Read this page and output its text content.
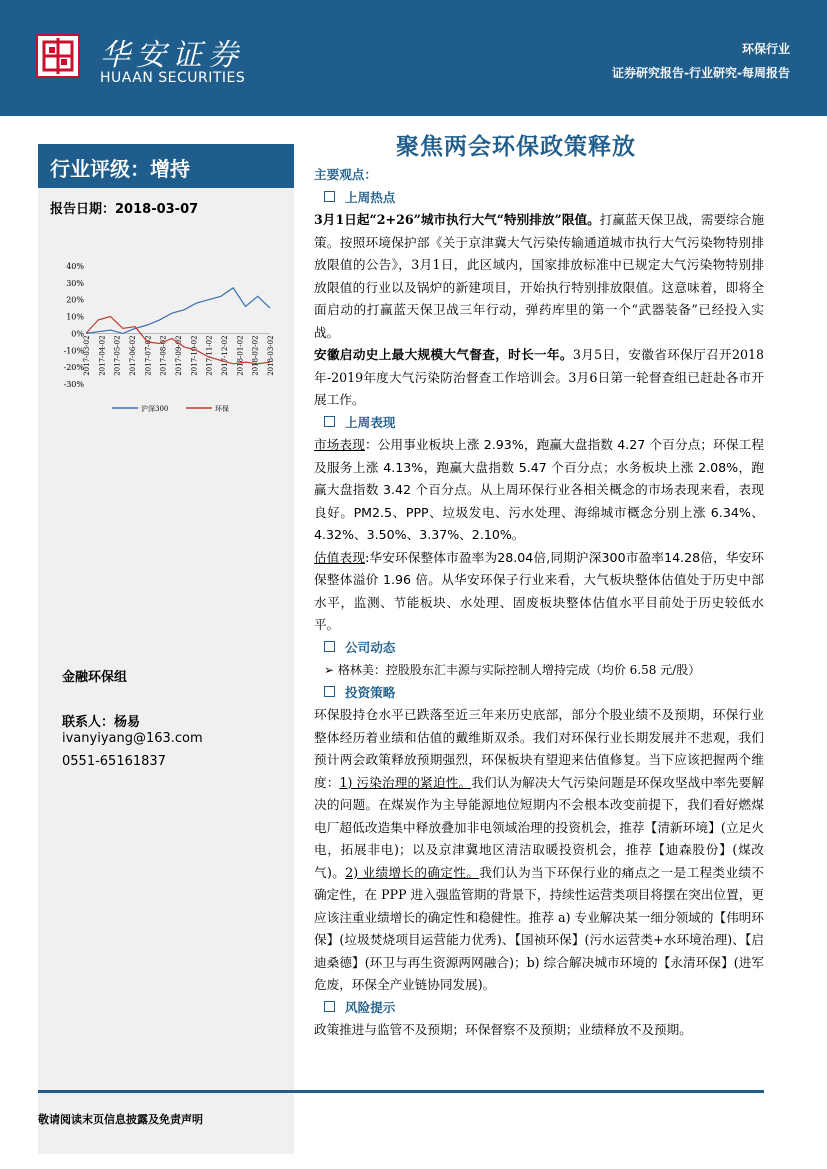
华安证券
HUAAN SECURITIES
环保行业
证券研究报告-行业研究-每周报告
行业评级：增持
报告日期：2018-03-07
40%
30%
20%
10%
0%
-10%
-20%
-30%
2017-03-02 2017-04-02 2017-05-02 2017-06-02 2017-07-02 2017-08-02 2017-09-02 2017-10-02 2017-11-02 2017-12-02 2018-01-02 2018-02-02 2018-03-02
沪深300	环保
金融环保组
联系人：杨易
ivanyiyang@163.com
0551-65161837
聚焦两会环保政策释放
主要观点：
上周热点

3月1日起“2+26”城市执行大气“特别排放”限值。打赢蓝天保卫战，需要综合施策。按照环境保护部《关于京津冀大气污染传输通道城市执行大气污染物特别排放限值的公告》，3月1日，此区域内，国家排放标准中已规定大气污染物特别排放限值的行业以及锅炉的新建项目，开始执行特别排放限值。这意味着，即将全面启动的打赢蓝天保卫战三年行动，弹药库里的第一个“武器装备”已经投入实战。

安徽启动史上最大规模大气督查，时长一年。3月5日，安徽省环保厅召开2018年-2019年度大气污染防治督查工作培训会。3月6日第一轮督查组已赶赴各市开展工作。

上周表现

市场表现：公用事业板块上涨 2.93%，跑赢大盘指数 4.27 个百分点；环保工程及服务上涨 4.13%，跑赢大盘指数 5.47 个百分点；水务板块上涨 2.08%，跑赢大盘指数 3.42 个百分点。从上周环保行业各相关概念的市场表现来看，表现良好。PM2.5、PPP、垃圾发电、污水处理、海绵城市概念分别上涨 6.34%、4.32%、3.50%、3.37%、2.10%。

估值表现:华安环保整体市盈率为28.04倍,同期沪深300市盈率14.28倍，华安环保整体溢价 1.96 倍。从华安环保子行业来看，大气板块整体估值处于历史中部水平，监测、节能板块、水处理、固废板块整体估值水平目前处于历史较低水平。

公司动态
➢ 格林美：控股股东汇丰源与实际控制人增持完成（均价 6.58 元/股）
投资策略

环保股持仓水平已跌落至近三年来历史底部，部分个股业绩不及预期，环保行业整体经历着业绩和估值的戴维斯双杀。我们对环保行业长期发展并不悲观，我们预计两会政策释放预期强烈，环保板块有望迎来估值修复。当下应该把握两个维度：1) 污染治理的紧迫性。我们认为解决大气污染问题是环保攻坚战中率先要解决的问题。在煤炭作为主导能源地位短期内不会根本改变前提下，我们看好燃煤电厂超低改造集中释放叠加非电领域治理的投资机会，推荐【清新环境】(立足火电，拓展非电)；以及京津冀地区清洁取暖投资机会，推荐【迪森股份】(煤改气)。2) 业绩增长的确定性。我们认为当下环保行业的痛点之一是工程类业绩不确定性，在 PPP 进入强监管期的背景下，持续性运营类项目将摆在突出位置，更应该注重业绩增长的确定性和稳健性。推荐 a) 专业解决某一细分领域的【伟明环保】(垃圾焚烧项目运营能力优秀)、【国祯环保】(污水运营类+水环境治理)、【启迪桑德】(环卫与再生资源两网融合)；b) 综合解决城市环境的【永清环保】(进军危废，环保全产业链协同发展)。

风险提示

政策推进与监管不及预期；环保督察不及预期；业绩释放不及预期。

敬请阅读末页信息披露及免责声明
